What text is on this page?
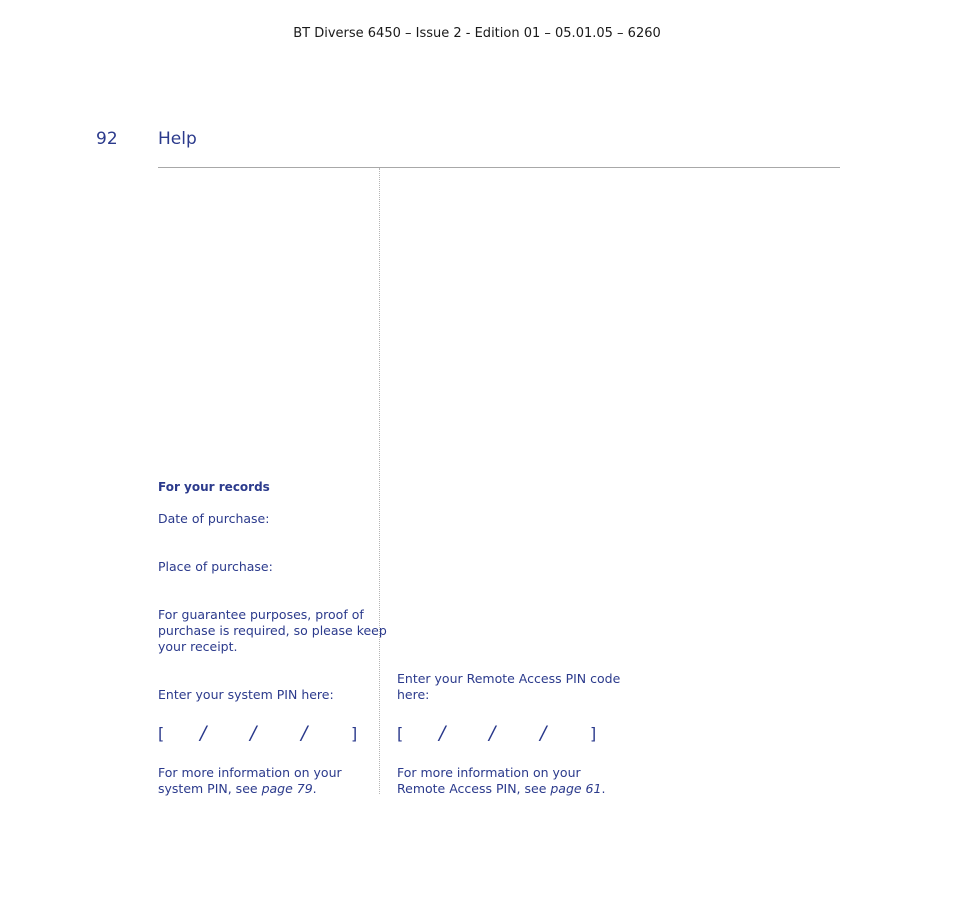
BT Diverse 6450 – Issue 2 - Edition 01 – 05.01.05 – 6260
92 Help
For your records
Date of purchase:
Place of purchase:
For guarantee purposes, proof of
purchase is required, so please keep
your receipt.
Enter your system PIN here:
[ / / /	]
For more information on your
system PIN, see page 79.
Enter your Remote Access PIN code
here:
[ / / /	]
For more information on your
Remote Access PIN, see page 61.
